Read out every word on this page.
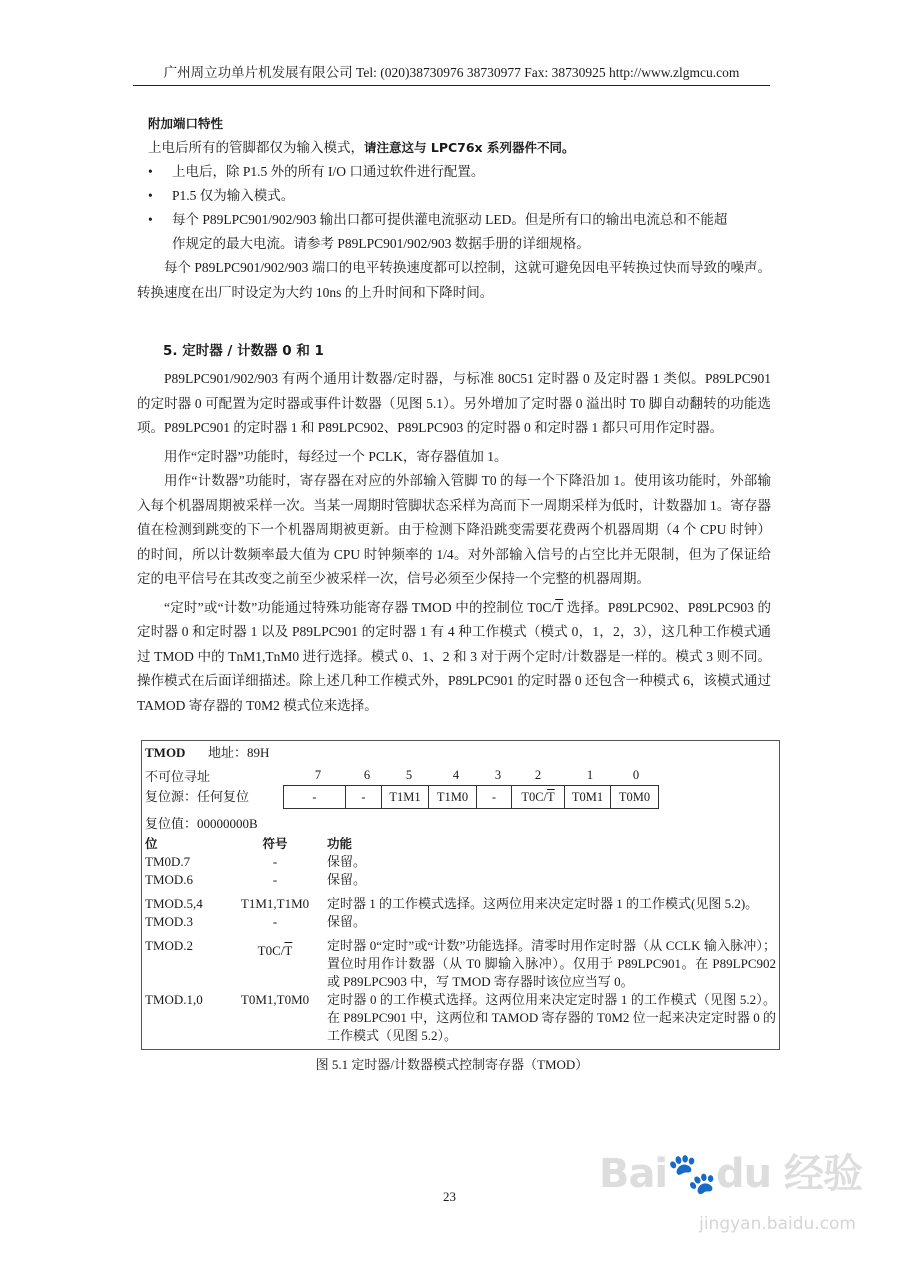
广州周立功单片机发展有限公司 Tel: (020)38730976 38730977 Fax: 38730925 http://www.zlgmcu.com
附加端口特性
上电后所有的管脚都仅为输入模式，请注意这与 LPC76x 系列器件不同。
•	上电后，除 P1.5 外的所有 I/O 口通过软件进行配置。
•	P1.5 仅为输入模式。
•	每个 P89LPC901/902/903 输出口都可提供灌电流驱动 LED。但是所有口的输出电流总和不能超
作规定的最大电流。请参考 P89LPC901/902/903 数据手册的详细规格。
每个 P89LPC901/902/903 端口的电平转换速度都可以控制，这就可避免因电平转换过快而导致的噪声。转换速度在出厂时设定为大约 10ns 的上升时间和下降时间。
5. 定时器 / 计数器 0 和 1
P89LPC901/902/903 有两个通用计数器/定时器，与标准 80C51 定时器 0 及定时器 1 类似。P89LPC901 的定时器 0 可配置为定时器或事件计数器（见图 5.1）。另外增加了定时器 0 溢出时 T0 脚自动翻转的功能选项。P89LPC901 的定时器 1 和 P89LPC902、P89LPC903 的定时器 0 和定时器 1 都只可用作定时器。
用作“定时器”功能时，每经过一个 PCLK，寄存器值加 1。
用作“计数器”功能时，寄存器在对应的外部输入管脚 T0 的每一个下降沿加 1。使用该功能时，外部输入每个机器周期被采样一次。当某一周期时管脚状态采样为高而下一周期采样为低时，计数器加 1。寄存器值在检测到跳变的下一个机器周期被更新。由于检测下降沿跳变需要花费两个机器周期（4 个 CPU 时钟）的时间，所以计数频率最大值为 CPU 时钟频率的 1/4。对外部输入信号的占空比并无限制，但为了保证给定的电平信号在其改变之前至少被采样一次，信号必须至少保持一个完整的机器周期。
“定时”或“计数”功能通过特殊功能寄存器 TMOD 中的控制位 $T0C/\overline{T}$ 选择。P89LPC902、P89LPC903 的定时器 0 和定时器 1 以及 P89LPC901 的定时器 1 有 4 种工作模式（模式 0，1，2，3），这几种工作模式通过 TMOD 中的 TnM1,TnM0 进行选择。模式 0、1、2 和 3 对于两个定时/计数器是一样的。模式 3 则不同。操作模式在后面详细描述。除上述几种工作模式外，P89LPC901 的定时器 0 还包含一种模式 6，该模式通过 TAMOD 寄存器的 T0M2 模式位来选择。
TMOD 地址：89H
不可位寻址
复位源：任何复位
复位值：00000000B
7	6	5	4	3	2	1	0
-	-	T1M1	T1M0	-	$T0C/\overline{T}$	T0M1	T0M0
位	符号	功能
TM0D.7	-	保留。
TMOD.6	-	保留。
TMOD.5,4	T1M1,T1M0	定时器 1 的工作模式选择。这两位用来决定定时器 1 的工作模式(见图 5.2)。
TMOD.3	-	保留。
TMOD.2	$T0C/\overline{T}$	定时器 0“定时”或“计数”功能选择。清零时用作定时器（从 CCLK 输入脉冲）；置位时用作计数器（从 T0 脚输入脉冲）。仅用于 P89LPC901。在 P89LPC902 或 P89LPC903 中，写 TMOD 寄存器时该位应当写 0。
TMOD.1,0	T0M1,T0M0	定时器 0 的工作模式选择。这两位用来决定定时器 1 的工作模式（见图 5.2）。在 P89LPC901 中，这两位和 TAMOD 寄存器的 T0M2 位一起来决定定时器 0 的工作模式（见图 5.2）。
图 5.1 定时器/计数器模式控制寄存器（TMOD）
23	Bai🐾du 经验
jingyan.baidu.com
